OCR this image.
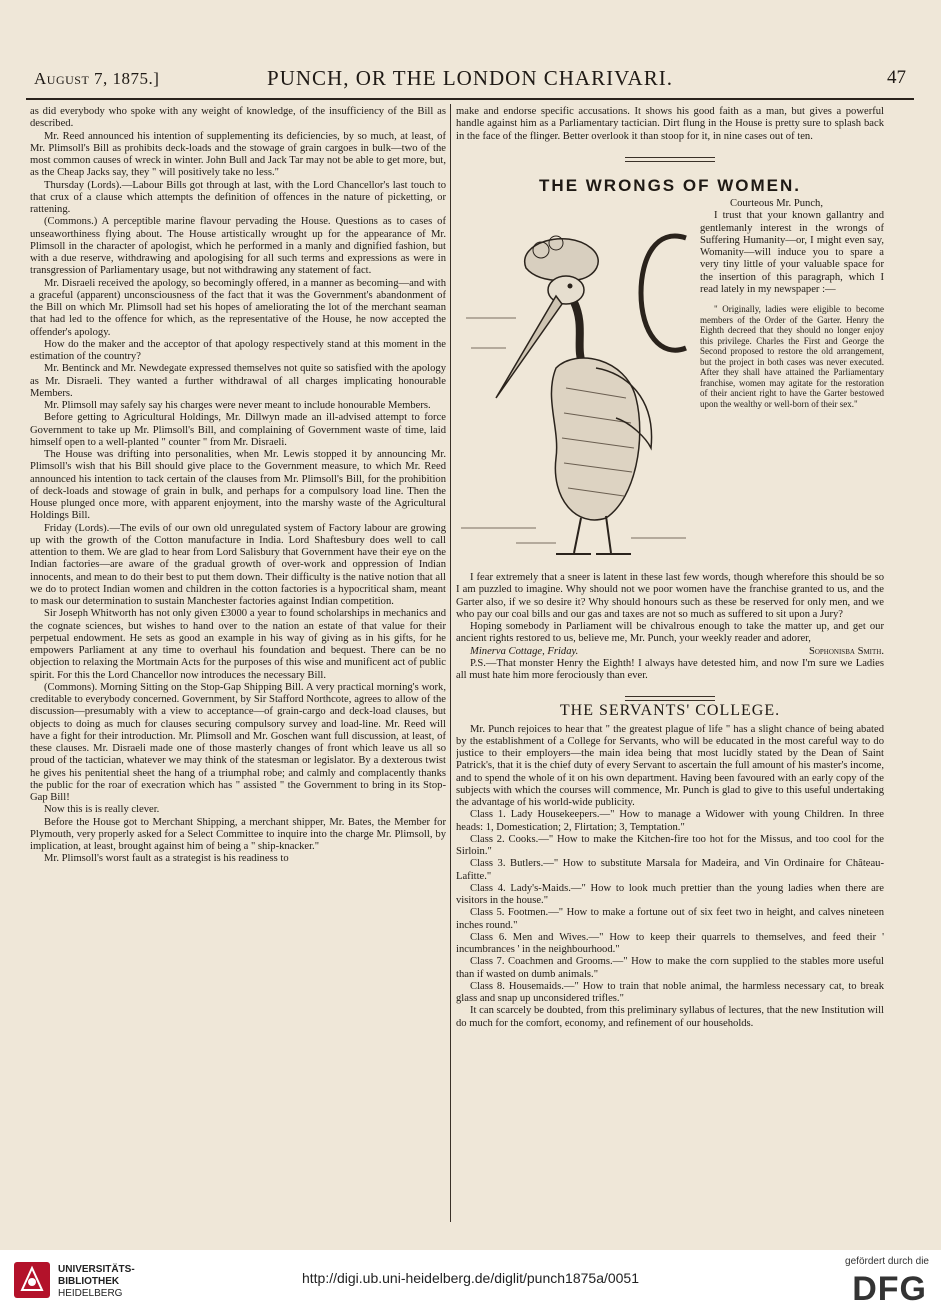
August 7, 1875.]	PUNCH, OR THE LONDON CHARIVARI.	47

as did everybody who spoke with any weight of knowledge, of the insufficiency of the Bill as described.

Mr. Reed announced his intention of supplementing its deficiencies, by so much, at least, of Mr. Plimsoll's Bill as prohibits deck-loads and the stowage of grain cargoes in bulk—two of the most common causes of wreck in winter. John Bull and Jack Tar may not be able to get more, but, as the Cheap Jacks say, they " will positively take no less."

Thursday (Lords).—Labour Bills got through at last, with the Lord Chancellor's last touch to that crux of a clause which attempts the definition of offences in the nature of picketting, or rattening.

(Commons.) A perceptible marine flavour pervading the House. Questions as to cases of unseaworthiness flying about. The House artistically wrought up for the appearance of Mr. Plimsoll in the character of apologist, which he performed in a manly and dignified fashion, but with a due reserve, withdrawing and apologising for all such terms and expressions as were in transgression of Parliamentary usage, but not withdrawing any statement of fact.

Mr. Disraeli received the apology, so becomingly offered, in a manner as becoming—and with a graceful (apparent) unconsciousness of the fact that it was the Government's abandonment of the Bill on which Mr. Plimsoll had set his hopes of ameliorating the lot of the merchant seaman that had led to the offence for which, as the representative of the House, he now accepted the offender's apology.

How do the maker and the acceptor of that apology respectively stand at this moment in the estimation of the country?

Mr. Bentinck and Mr. Newdegate expressed themselves not quite so satisfied with the apology as Mr. Disraeli. They wanted a further withdrawal of all charges implicating honourable Members.

Mr. Plimsoll may safely say his charges were never meant to include honourable Members.

Before getting to Agricultural Holdings, Mr. Dillwyn made an ill-advised attempt to force Government to take up Mr. Plimsoll's Bill, and complaining of Government waste of time, laid himself open to a well-planted " counter " from Mr. Disraeli.

The House was drifting into personalities, when Mr. Lewis stopped it by announcing Mr. Plimsoll's wish that his Bill should give place to the Government measure, to which Mr. Reed announced his intention to tack certain of the clauses from Mr. Plimsoll's Bill, for the prohibition of deck-loads and stowage of grain in bulk, and perhaps for a compulsory load line. Then the House plunged once more, with apparent enjoyment, into the marshy waste of the Agricultural Holdings Bill.

Friday (Lords).—The evils of our own old unregulated system of Factory labour are growing up with the growth of the Cotton manufacture in India. Lord Shaftesbury does well to call attention to them. We are glad to hear from Lord Salisbury that Government have their eye on the Indian factories—are aware of the gradual growth of over-work and oppression of Indian innocents, and mean to do their best to put them down. Their difficulty is the native notion that all we do to protect Indian women and children in the cotton factories is a hypocritical sham, meant to mask our determination to sustain Manchester factories against Indian competition.

Sir Joseph Whitworth has not only given £3000 a year to found scholarships in mechanics and the cognate sciences, but wishes to hand over to the nation an estate of that value for their perpetual endowment. He sets as good an example in his way of giving as in his gifts, for he empowers Parliament at any time to overhaul his foundation and bequest. There can be no objection to relaxing the Mortmain Acts for the purposes of this wise and munificent act of public spirit. For this the Lord Chancellor now introduces the necessary Bill.

(Commons). Morning Sitting on the Stop-Gap Shipping Bill. A very practical morning's work, creditable to everybody concerned. Government, by Sir Stafford Northcote, agrees to allow of the discussion—presumably with a view to acceptance—of grain-cargo and deck-load clauses, but objects to doing as much for clauses securing compulsory survey and load-line. Mr. Reed will have a fight for their introduction. Mr. Plimsoll and Mr. Goschen want full discussion, at least, of these clauses. Mr. Disraeli made one of those masterly changes of front which leave us all so proud of the tactician, whatever we may think of the statesman or legislator. By a dexterous twist he gives his penitential sheet the hang of a triumphal robe; and calmly and complacently thanks the public for the roar of execration which has " assisted " the Government to bring in its Stop-Gap Bill!

Now this is is really clever.

Before the House got to Merchant Shipping, a merchant shipper, Mr. Bates, the Member for Plymouth, very properly asked for a Select Committee to inquire into the charge Mr. Plimsoll, by implication, at least, brought against him of being a " ship-knacker."

Mr. Plimsoll's worst fault as a strategist is his readiness to

make and endorse specific accusations. It shows his good faith as a man, but gives a powerful handle against him as a Parliamentary tactician. Dirt flung in the House is pretty sure to splash back in the face of the flinger. Better overlook it than stoop for it, in nine cases out of ten.

THE WRONGS OF WOMEN.

Courteous Mr. Punch,

I trust that your known gallantry and gentlemanly interest in the wrongs of Suffering Humanity—or, I might even say, Womanity—will induce you to spare a very tiny little of your valuable space for the insertion of this paragraph, which I read lately in my newspaper :—

" Originally, ladies were eligible to become members of the Order of the Garter. Henry the Eighth decreed that they should no longer enjoy this privilege. Charles the First and George the Second proposed to restore the old arrangement, but the project in both cases was never executed. After they shall have attained the Parliamentary franchise, women may agitate for the restoration of their ancient right to have the Garter bestowed upon the wealthy or well-born of their sex."

I fear extremely that a sneer is latent in these last few words, though wherefore this should be so I am puzzled to imagine. Why should not we poor women have the franchise granted to us, and the Garter also, if we so desire it? Why should honours such as these be reserved for only men, and we who pay our coal bills and our gas and taxes are not so much as suffered to sit upon a Jury?

Hoping somebody in Parliament will be chivalrous enough to take the matter up, and get our ancient rights restored to us, believe me, Mr. Punch, your weekly reader and adorer,

Minerva Cottage, Friday.	Sophonisba Smith.

P.S.—That monster Henry the Eighth! I always have detested him, and now I'm sure we Ladies all must hate him more ferociously than ever.

THE SERVANTS' COLLEGE.

Mr. Punch rejoices to hear that " the greatest plague of life " has a slight chance of being abated by the establishment of a College for Servants, who will be educated in the most careful way to do justice to their employers—the main idea being that most lucidly stated by the Dean of Saint Patrick's, that it is the chief duty of every Servant to ascertain the full amount of his master's income, and to spend the whole of it on his own department. Having been favoured with an early copy of the subjects with which the courses will commence, Mr. Punch is glad to give to this useful undertaking the advantage of his world-wide publicity.

Class 1. Lady Housekeepers.—" How to manage a Widower with young Children. In three heads: 1, Domestication; 2, Flirtation; 3, Temptation."

Class 2. Cooks.—" How to make the Kitchen-fire too hot for the Missus, and too cool for the Sirloin."

Class 3. Butlers.—" How to substitute Marsala for Madeira, and Vin Ordinaire for Château-Lafitte."

Class 4. Lady's-Maids.—" How to look much prettier than the young ladies when there are visitors in the house."

Class 5. Footmen.—" How to make a fortune out of six feet two in height, and calves nineteen inches round."

Class 6. Men and Wives.—" How to keep their quarrels to themselves, and feed their ' incumbrances ' in the neighbourhood."

Class 7. Coachmen and Grooms.—" How to make the corn supplied to the stables more useful than if wasted on dumb animals."

Class 8. Housemaids.—" How to train that noble animal, the harmless necessary cat, to break glass and snap up unconsidered trifles."

It can scarcely be doubted, from this preliminary syllabus of lectures, that the new Institution will do much for the comfort, economy, and refinement of our households.

UNIVERSITÄTS-
BIBLIOTHEK
HEIDELBERG
http://digi.ub.uni-heidelberg.de/diglit/punch1875a/0051
gefördert durch die
DFG
